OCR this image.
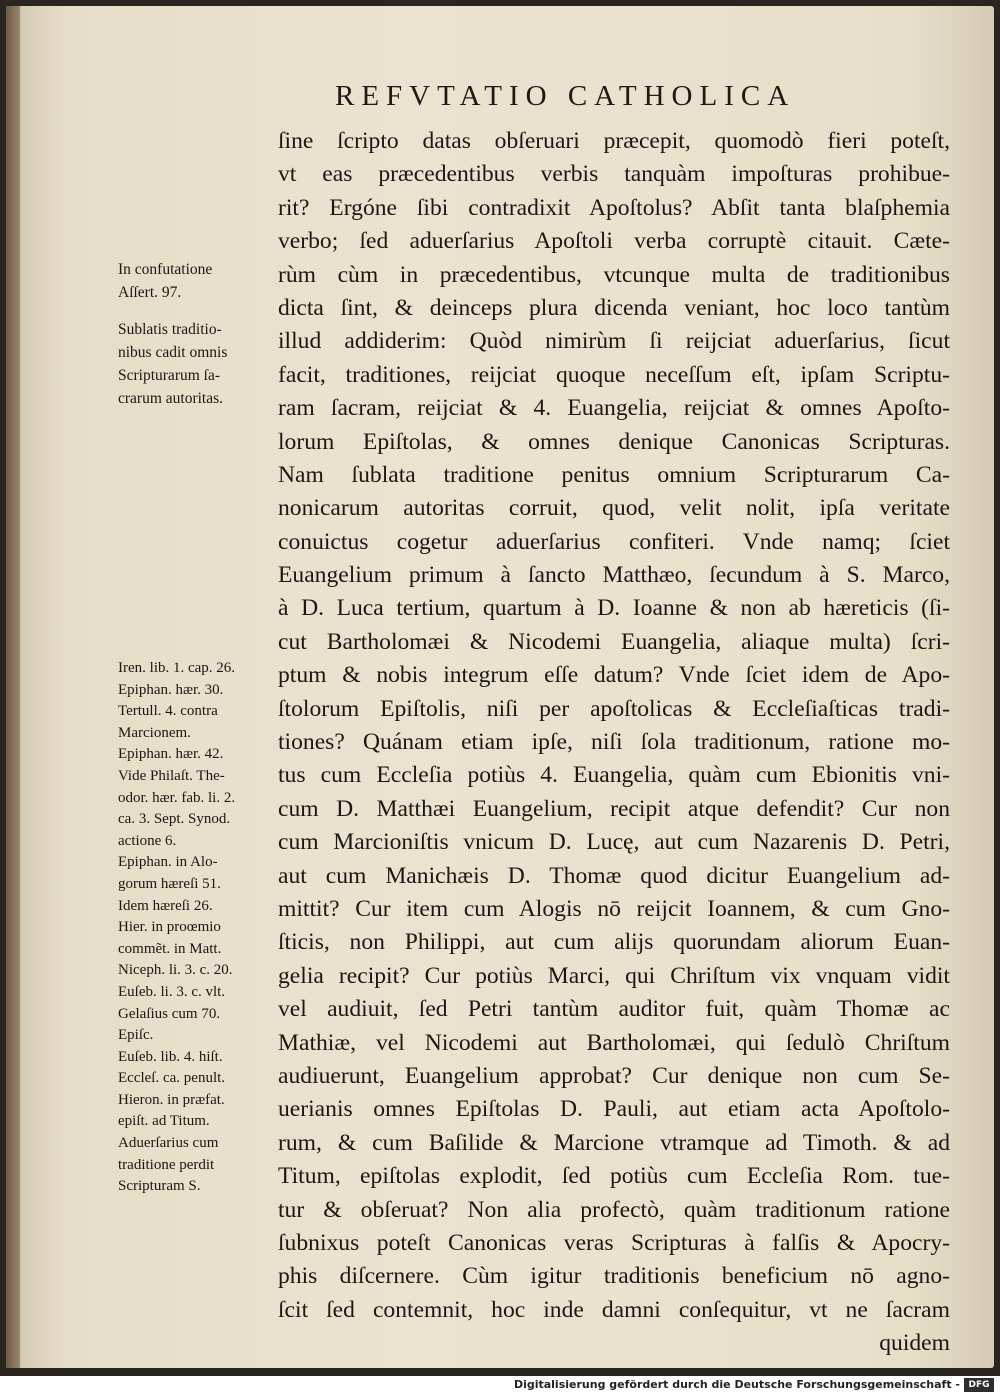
REFVTATIO CATHOLICA
ſine ſcripto datas obſeruari præcepit, quomodò fieri poteſt,
vt eas præcedentibus verbis tanquàm impoſturas prohibue-
rit? Ergóne ſibi contradixit Apoſtolus? Abſit tanta blaſphemia
verbo; ſed aduerſarius Apoſtoli verba corruptè citauit. Cæte-
rùm cùm in præcedentibus, vtcunque multa de traditionibus
dicta ſint, & deinceps plura dicenda veniant, hoc loco tantùm
illud addiderim: Quòd nimirùm ſi reijciat aduerſarius, ſicut
facit, traditiones, reijciat quoque neceſſum eſt, ipſam Scriptu-
ram ſacram, reijciat & 4. Euangelia, reijciat & omnes Apoſto-
lorum Epiſtolas, & omnes denique Canonicas Scripturas.
Nam ſublata traditione penitus omnium Scripturarum Ca-
nonicarum autoritas corruit, quod, velit nolit, ipſa veritate
conuictus cogetur aduerſarius confiteri. Vnde namq; ſciet
Euangelium primum à ſancto Matthæo, ſecundum à S. Marco,
à D. Luca tertium, quartum à D. Ioanne & non ab hæreticis (ſi-
cut Bartholomæi & Nicodemi Euangelia, aliaque multa) ſcri-
ptum & nobis integrum eſſe datum? Vnde ſciet idem de Apo-
ſtolorum Epiſtolis, niſi per apoſtolicas & Eccleſiaſticas tradi-
tiones? Quánam etiam ipſe, niſi ſola traditionum, ratione mo-
tus cum Eccleſia potiùs 4. Euangelia, quàm cum Ebionitis vni-
cum D. Matthæi Euangelium, recipit atque defendit? Cur non
cum Marcioniſtis vnicum D. Lucę, aut cum Nazarenis D. Petri,
aut cum Manichæis D. Thomæ quod dicitur Euangelium ad-
mittit? Cur item cum Alogis nō reijcit Ioannem, & cum Gno-
ſticis, non Philippi, aut cum alijs quorundam aliorum Euan-
gelia recipit? Cur potiùs Marci, qui Chriſtum vix vnquam vidit
vel audiuit, ſed Petri tantùm auditor fuit, quàm Thomæ ac
Mathiæ, vel Nicodemi aut Bartholomæi, qui ſedulò Chriſtum
audiuerunt, Euangelium approbat? Cur denique non cum Se-
uerianis omnes Epiſtolas D. Pauli, aut etiam acta Apoſtolo-
rum, & cum Baſilide & Marcione vtramque ad Timoth. & ad
Titum, epiſtolas explodit, ſed potiùs cum Eccleſia Rom. tue-
tur & obſeruat? Non alia profectò, quàm traditionum ratione
ſubnixus poteſt Canonicas veras Scripturas à falſis & Apocry-
phis diſcernere. Cùm igitur traditionis beneficium nō agno-
ſcit ſed contemnit, hoc inde damni conſequitur, vt ne ſacram
quidem
In confutatione
Aſſert. 97.
Sublatis traditio-
nibus cadit omnis
Scripturarum ſa-
crarum autoritas.
Iren. lib. 1. cap. 26.
Epiphan. hær. 30.
Tertull. 4. contra
Marcionem.
Epiphan. hær. 42.
Vide Philaſt. The-
odor. hær. fab. li. 2.
ca. 3. Sept. Synod.
actione 6.
Epiphan. in Alo-
gorum hæreſi 51.
Idem hæreſi 26.
Hier. in proœmio
commẽt. in Matt.
Niceph. li. 3. c. 20.
Euſeb. li. 3. c. vlt.
Gelaſius cum 70.
Epiſc.
Euſeb. lib. 4. hiſt.
Eccleſ. ca. penult.
Hieron. in præfat.
epiſt. ad Titum.
Aduerſarius cum
traditione perdit
Scripturam S.
Digitalisierung gefördert durch die Deutsche Forschungsgemeinschaft - DFG
